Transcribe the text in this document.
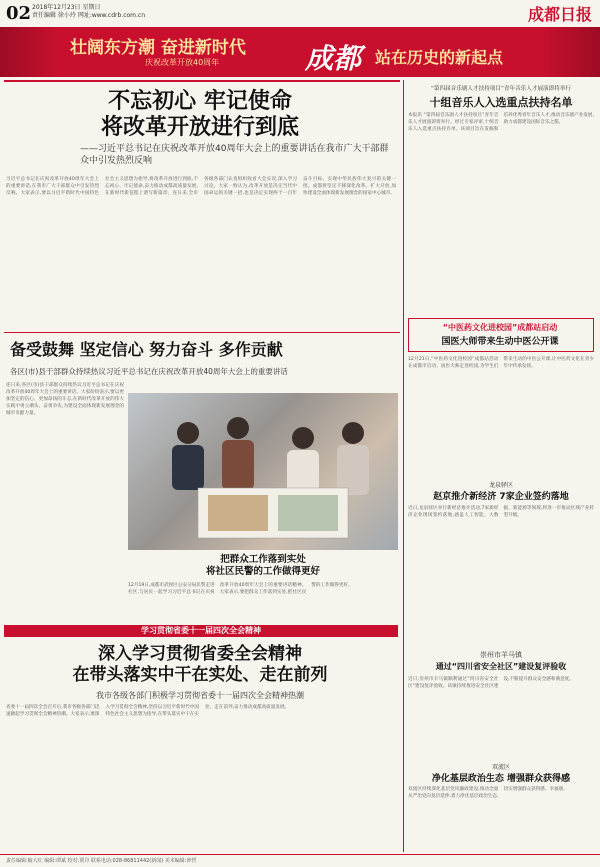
02 2018年12月23日 星期日
责任编辑 徐小玲 网址:www.cdrb.com.cn	成都日报
壮阔东方潮 奋进新时代
庆祝改革开放40周年	成都 站在历史的新起点
不忘初心 牢记使命
将改革开放进行到底
——习近平总书记在庆祝改革开放40周年大会上的重要讲话在我市广大干部群众中引发热烈反响
习近平总书记在庆祝改革开放40周年大会上的重要讲话,在我市广大干部群众中引发热烈反响。大家表示,要以习近平新时代中国特色社会主义思想为指导,将改革开放进行到底,不忘初心、牢记使命,奋力推动成都高质量发展,在新时代新征程上谱写新篇章。连日来,全市各级各部门认真组织收看大会实况,深入学习讨论。大家一致认为,改革开放是决定当代中国命运的关键一招,也是决定实现两个一百年奋斗目标、实现中华民族伟大复兴的关键一招。成都将坚定不移深化改革、扩大开放,加快建设全面体现新发展理念的国家中心城市。
备受鼓舞 坚定信心 努力奋斗 多作贡献
各区(市)县干部群众持续热议习近平总书记在庆祝改革开放40周年大会上的重要讲话
连日来,各区(市)县干部群众持续热议习近平总书记在庆祝改革开放40周年大会上的重要讲话。大家纷纷表示,要以更加坚定的信心、更加昂扬的斗志,在新时代改革开放的伟大实践中勇立潮头、奋勇争先,为建设全面体现新发展理念的城市贡献力量。
把群众工作落到实处
将社区民警的工作做得更好
12月19日,成都市武侯区公安分局民警走进社区,与居民一起学习习近平总书记在庆祝改革开放40周年大会上的重要讲话精神。大家表示,要把群众工作落到实处,把社区民警的工作做得更好。
学习贯彻省委十一届四次全会精神
深入学习贯彻省委全会精神
在带头落实中干在实处、走在前列
我市各级各部门积极学习贯彻省委十一届四次全会精神热潮
省委十一届四次全会召开后,我市各级各部门迅速掀起学习贯彻全会精神热潮。大家表示,要深入学习贯彻全会精神,坚持以习近平新时代中国特色社会主义思想为指导,在带头落实中干在实处、走在前列,奋力推动成都高质量发展。
“第四届音乐剧人才扶持项目”青年音乐人才展演即将举行
十组音乐人入选重点扶持名单
本报讯 “第四届音乐剧人才扶持项目”青年音乐人才展演即将举行。经过专家评审,十组音乐人入选重点扶持名单。该项目旨在发掘和培养优秀青年音乐人才,推动音乐剧产业发展,助力成都建设国际音乐之都。
“中医药文化进校园”成都站启动
国医大师带来生动中医公开课
12月21日,“中医药文化进校园”成都站活动在成都市启动。国医大师走进校园,为学生们带来生动的中医公开课,让中医药文化在青少年中传承发扬。
龙泉驿区
赵京推介新经济 7家企业签约落地
近日,龙泉驿区举行新经济推介活动,7家新经济企业现场签约落地,涵盖人工智能、大数据、新能源等领域,将进一步推动区域产业转型升级。
崇州市羊马镇
通过“四川省安全社区”建设复评验收
近日,崇州市羊马镇顺利通过“四川省安全社区”建设复评验收。该镇持续推进安全社区建设,不断提升群众安全感和满意度。
双流区
净化基层政治生态 增强群众获得感
双流区持续深化基层党风廉政建设,推动全面从严治党向基层延伸,着力净化基层政治生态,切实增强群众获得感、幸福感。
责任编辑:喻大红 编辑:谭斌 校对:贾丹 联系电话:028-86811442(新闻) 美术编辑:钟哲
